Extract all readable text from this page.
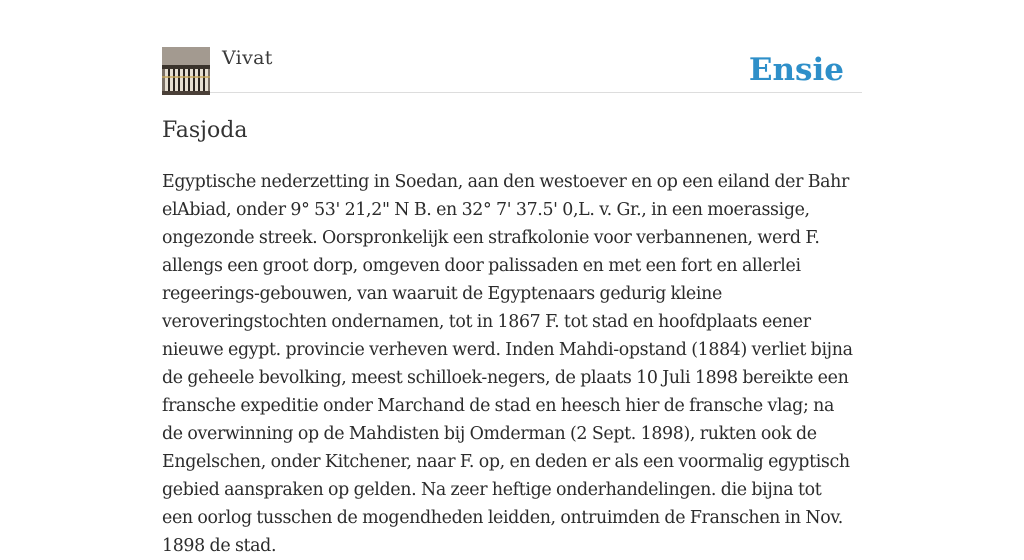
Vivat	Ensie
Fasjoda
Egyptische nederzetting in Soedan, aan den westoever en op een eiland der Bahr
elAbiad, onder 9° 53' 21,2" N B. en 32° 7' 37.5' 0,L. v. Gr., in een moerassige,
ongezonde streek. Oorspronkelijk een strafkolonie voor verbannenen, werd F.
allengs een groot dorp, omgeven door palissaden en met een fort en allerlei
regeerings-gebouwen, van waaruit de Egyptenaars gedurig kleine
veroveringstochten ondernamen, tot in 1867 F. tot stad en hoofdplaats eener
nieuwe egypt. provincie verheven werd. Inden Mahdi-opstand (1884) verliet bijna
de geheele bevolking, meest schilloek-negers, de plaats 10 Juli 1898 bereikte een
fransche expeditie onder Marchand de stad en heesch hier de fransche vlag; na
de overwinning op de Mahdisten bij Omderman (2 Sept. 1898), rukten ook de
Engelschen, onder Kitchener, naar F. op, en deden er als een voormalig egyptisch
gebied aanspraken op gelden. Na zeer heftige onderhandelingen. die bijna tot
een oorlog tusschen de mogendheden leidden, ontruimden de Franschen in Nov. 1898 de stad.
